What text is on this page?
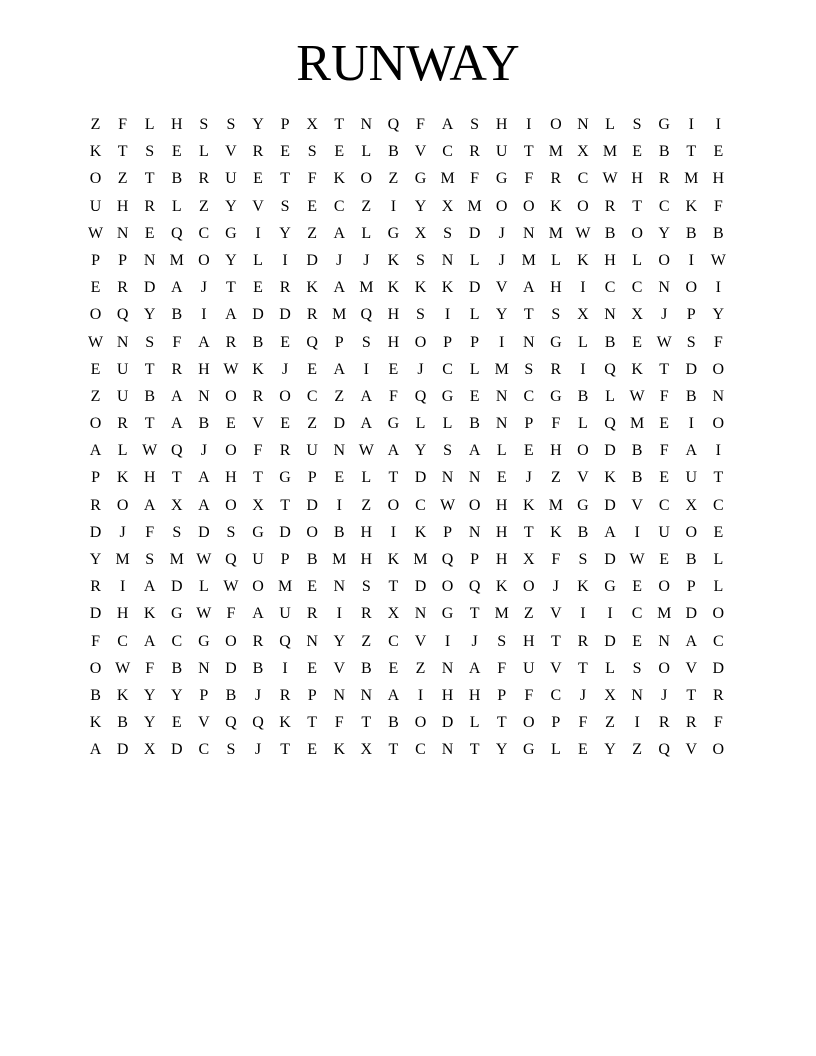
RUNWAY
Z	F	L	H	S	S	Y	P	X	T	N Q	F	A	S	H	I	O N	L	S	G	I	I
K	T	S	E	L	V R	E	S	E	L	B V C	R U	T M X M E	B	T	E
O	Z	T	B	R U	E	T	F	K O	Z	G M F	G	F	R	C W H R M H
U H R	L	Z	Y V	S	E	C	Z	I	Y X M O O K O R	T	C K	F
W N	E	Q C G	I	Y	Z	A	L	G X	S	D	J	N M W B O Y B	B
P	P	N M O Y	L	I	D	J	J	K	S	N	L	J	M L	K H	L	O	I	W
E	R D A	J	T	E	R K A M K K K D V A H	I	C	C N O	I
O Q Y B	I	A D D R M Q H	S	I	L	Y	T	S	X N X	J	P	Y
W N	S	F	A R	B	E	Q	P	S	H O	P	P	I	N G	L	B	E W S	F
E	U	T	R H W K	J	E	A	I	E	J	C	L M S	R	I	Q K	T	D O
Z	U B A N O R O C	Z	A	F	Q G	E	N C G B	L W F	B N
O R	T	A B	E	V	E	Z	D A G	L	L	B N	P	F	L	Q M E	I	O
A	L W Q	J	O	F	R U N W A Y	S	A	L	E	H O D B	F	A	I
P	K H	T	A H	T	G	P	E	L	T	D N N	E	J	Z	V K B	E	U	T
R O A X A O X	T	D	I	Z	O C W O H K M G D V C X C
D	J	F	S	D	S	G D O B H	I	K	P	N H	T	K B A	I	U O	E
Y M S M W Q U	P	B M H K M Q	P	H X	F	S	D W E	B	L
R	I	A D	L W O M E	N	S	T	D O Q K O	J	K G	E	O	P	L
D H K G W F	A U R	I	R X N G	T M Z	V	I	I	C M D O
F	C A C G O R Q N Y	Z	C V	I	J	S	H	T	R D	E	N A C
O W F	B N D B	I	E	V B	E	Z	N A	F	U V	T	L	S	O V D
B K Y Y	P	B	J	R	P	N N A	I	H H	P	F	C	J	X N	J	T	R
K B Y	E	V Q Q K	T	F	T	B O D	L	T	O	P	F	Z	I	R	R	F
A D X D C	S	J	T	E	K X	T	C N	T	Y G	L	E	Y	Z	Q V O
